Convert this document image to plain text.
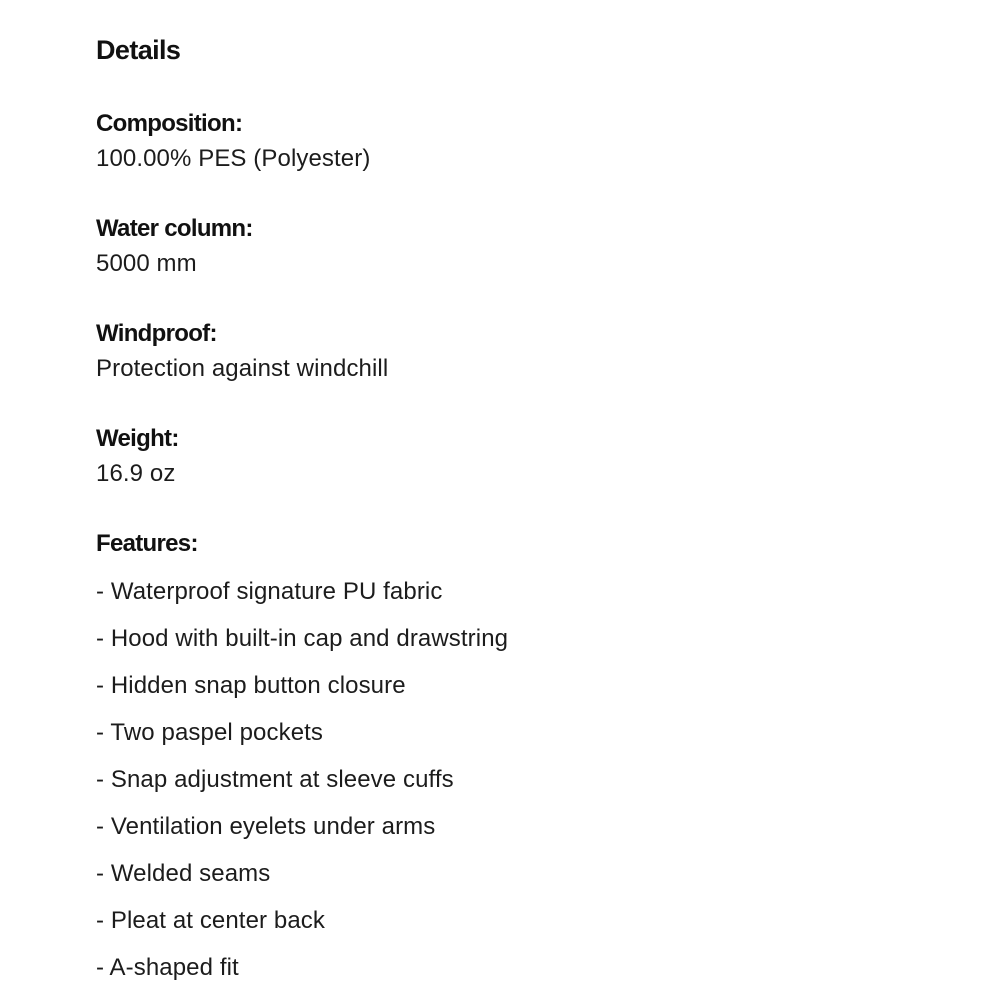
Details
Composition:
100.00% PES (Polyester)
Water column:
5000 mm
Windproof:
Protection against windchill
Weight:
16.9 oz
Features:
- Waterproof signature PU fabric
- Hood with built-in cap and drawstring
- Hidden snap button closure
- Two paspel pockets
- Snap adjustment at sleeve cuffs
- Ventilation eyelets under arms
- Welded seams
- Pleat at center back
- A-shaped fit
